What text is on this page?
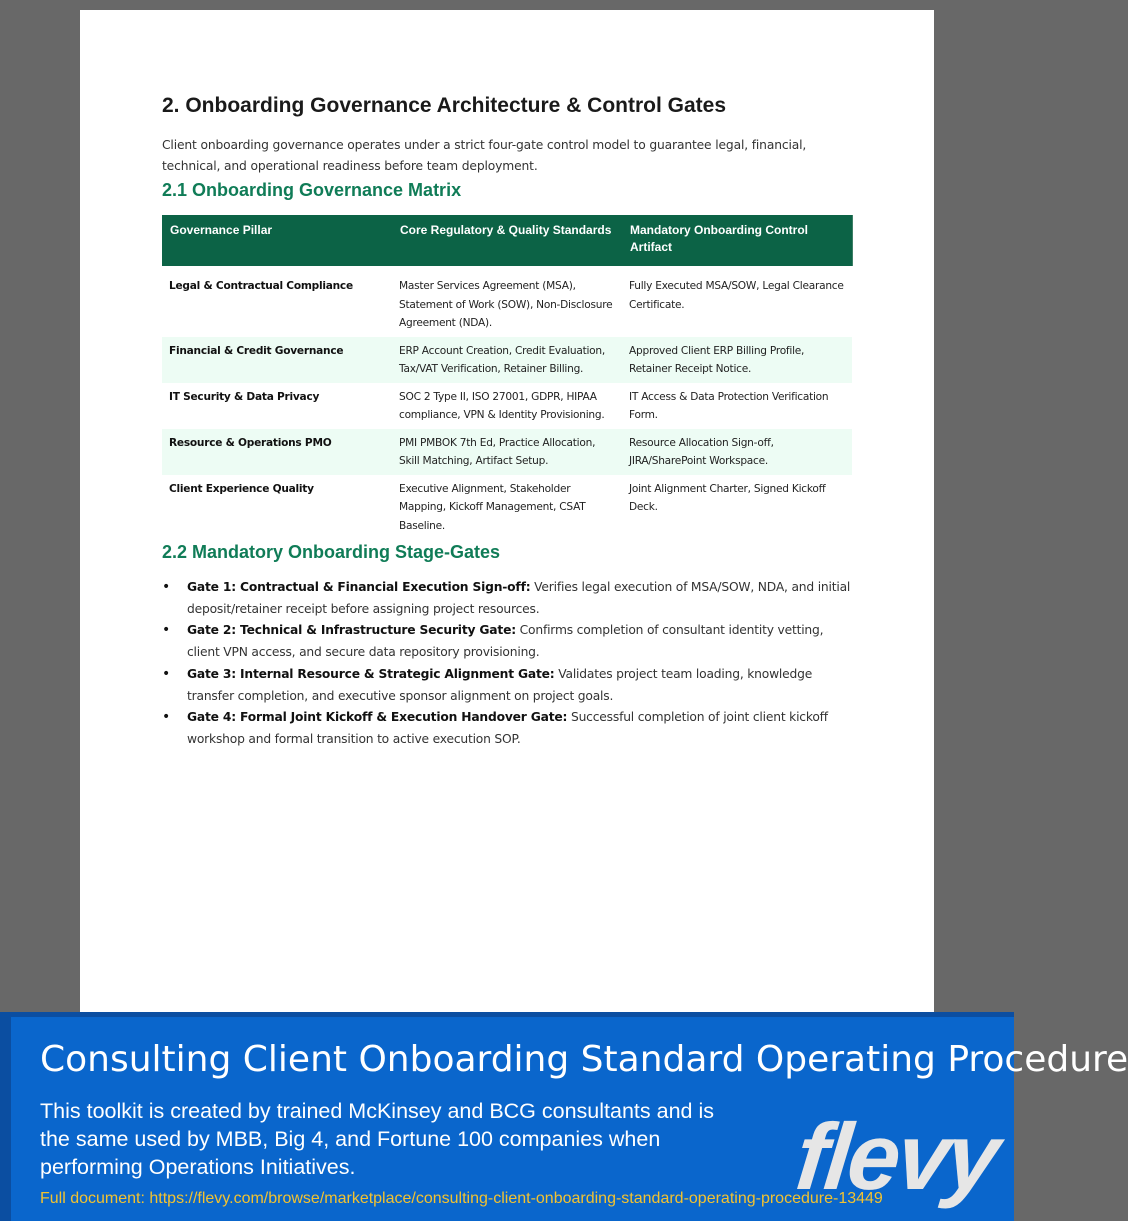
2. Onboarding Governance Architecture & Control Gates

Client onboarding governance operates under a strict four-gate control model to guarantee legal, financial, technical, and operational readiness before team deployment.

2.1 Onboarding Governance Matrix
Governance Pillar	Core Regulatory & Quality Standards	Mandatory Onboarding Control Artifact
Legal & Contractual Compliance	Master Services Agreement (MSA), Statement of Work (SOW), Non-Disclosure Agreement (NDA).	Fully Executed MSA/SOW, Legal Clearance Certificate.
Financial & Credit Governance	ERP Account Creation, Credit Evaluation, Tax/VAT Verification, Retainer Billing.	Approved Client ERP Billing Profile, Retainer Receipt Notice.
IT Security & Data Privacy	SOC 2 Type II, ISO 27001, GDPR, HIPAA compliance, VPN & Identity Provisioning.	IT Access & Data Protection Verification Form.
Resource & Operations PMO	PMI PMBOK 7th Ed, Practice Allocation, Skill Matching, Artifact Setup.	Resource Allocation Sign-off, JIRA/SharePoint Workspace.
Client Experience Quality	Executive Alignment, Stakeholder Mapping, Kickoff Management, CSAT Baseline.	Joint Alignment Charter, Signed Kickoff Deck.
2.2 Mandatory Onboarding Stage-Gates
• Gate 1: Contractual & Financial Execution Sign-off: Verifies legal execution of MSA/SOW, NDA, and initial deposit/retainer receipt before assigning project resources.
• Gate 2: Technical & Infrastructure Security Gate: Confirms completion of consultant identity vetting, client VPN access, and secure data repository provisioning.
• Gate 3: Internal Resource & Strategic Alignment Gate: Validates project team loading, knowledge transfer completion, and executive sponsor alignment on project goals.
• Gate 4: Formal Joint Kickoff & Execution Handover Gate: Successful completion of joint client kickoff workshop and formal transition to active execution SOP.
Consulting Client Onboarding Standard Operating Procedure
This toolkit is created by trained McKinsey and BCG consultants and is the same used by MBB, Big 4, and Fortune 100 companies when performing Operations Initiatives.
Full document: https://flevy.com/browse/marketplace/consulting-client-onboarding-standard-operating-procedure-13449
flevy
